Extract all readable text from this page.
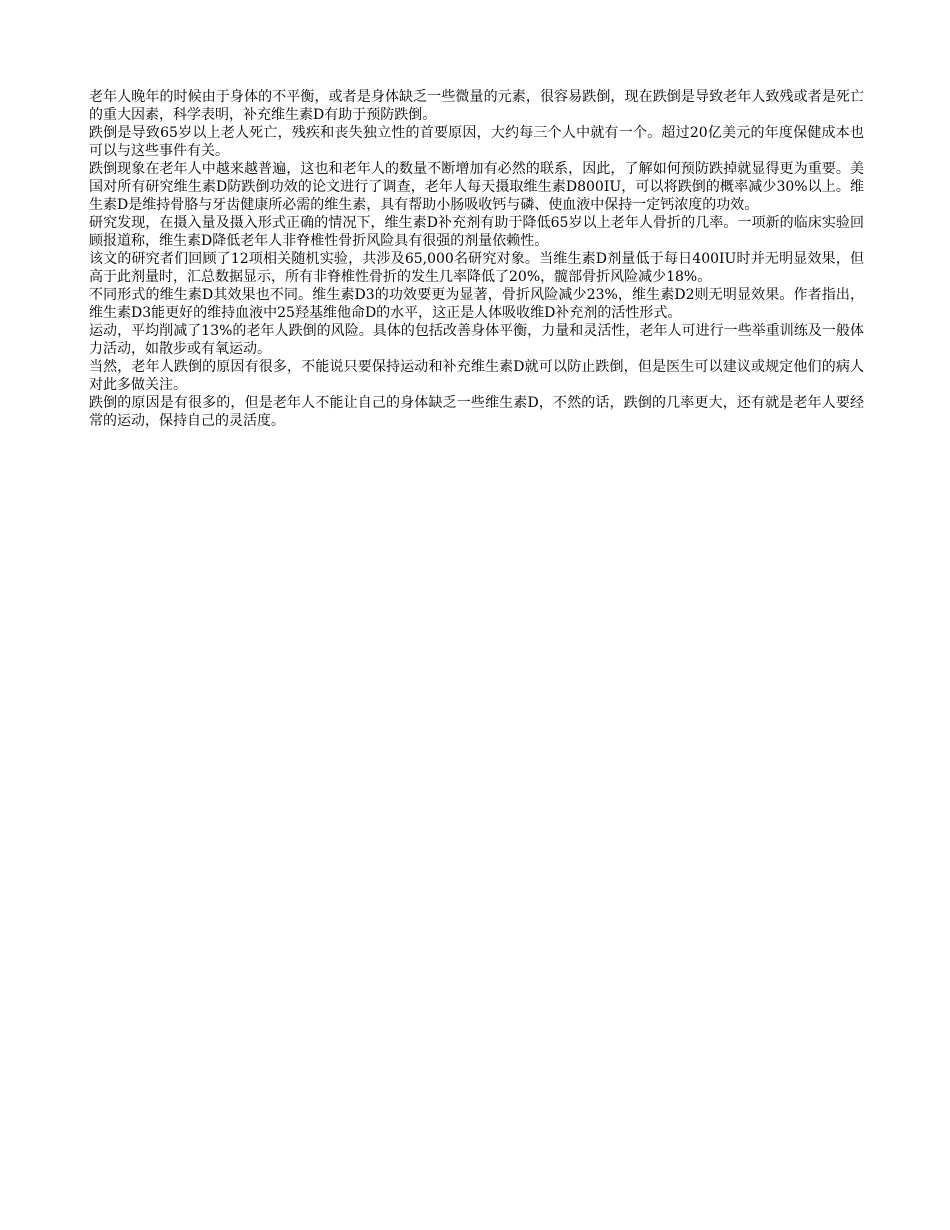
老年人晚年的时候由于身体的不平衡，或者是身体缺乏一些微量的元素，很容易跌倒，现在跌倒是导致老年人致残或者是死亡的重大因素，科学表明，补充维生素D有助于预防跌倒。

跌倒是导致65岁以上老人死亡，残疾和丧失独立性的首要原因，大约每三个人中就有一个。超过20亿美元的年度保健成本也可以与这些事件有关。

跌倒现象在老年人中越来越普遍，这也和老年人的数量不断增加有必然的联系，因此，了解如何预防跌掉就显得更为重要。美国对所有研究维生素D防跌倒功效的论文进行了调查，老年人每天摄取维生素D800IU，可以将跌倒的概率减少30%以上。维生素D是维持骨胳与牙齿健康所必需的维生素，具有帮助小肠吸收钙与磷、使血液中保持一定钙浓度的功效。

研究发现，在摄入量及摄入形式正确的情况下，维生素D补充剂有助于降低65岁以上老年人骨折的几率。一项新的临床实验回顾报道称，维生素D降低老年人非脊椎性骨折风险具有很强的剂量依赖性。

该文的研究者们回顾了12项相关随机实验，共涉及65,000名研究对象。当维生素D剂量低于每日400IU时并无明显效果，但高于此剂量时，汇总数据显示，所有非脊椎性骨折的发生几率降低了20%，髋部骨折风险减少18%。

不同形式的维生素D其效果也不同。维生素D3的功效要更为显著，骨折风险减少23%，维生素D2则无明显效果。作者指出，维生素D3能更好的维持血液中25羟基维他命D的水平，这正是人体吸收维D补充剂的活性形式。

运动，平均削减了13%的老年人跌倒的风险。具体的包括改善身体平衡，力量和灵活性，老年人可进行一些举重训练及一般体力活动，如散步或有氧运动。

当然，老年人跌倒的原因有很多，不能说只要保持运动和补充维生素D就可以防止跌倒，但是医生可以建议或规定他们的病人对此多做关注。

跌倒的原因是有很多的，但是老年人不能让自己的身体缺乏一些维生素D，不然的话，跌倒的几率更大，还有就是老年人要经常的运动，保持自己的灵活度。
